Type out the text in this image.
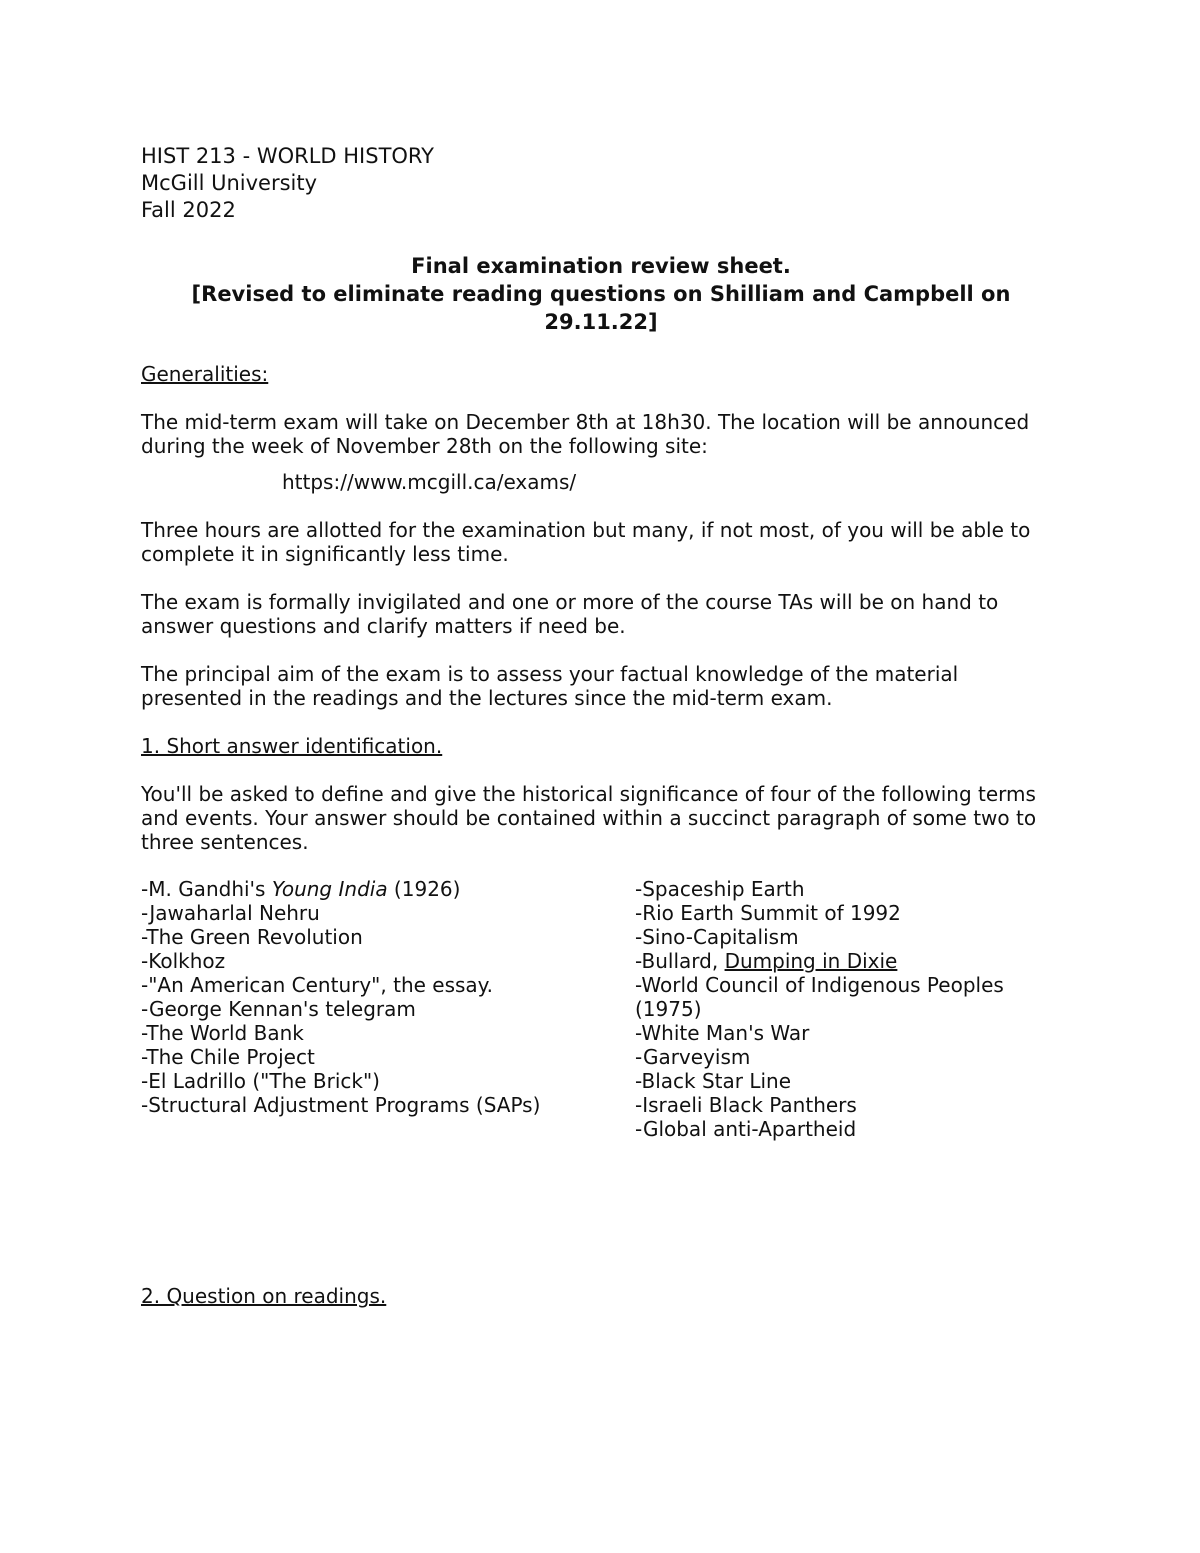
HIST 213 - WORLD HISTORY
McGill University
Fall 2022
Final examination review sheet.
[Revised to eliminate reading questions on Shilliam and Campbell on
29.11.22]

Generalities:

The mid-term exam will take on December 8th at 18h30. The location will be announced during the week of November 28th on the following site:

https://www.mcgill.ca/exams/

Three hours are allotted for the examination but many, if not most, of you will be able to complete it in significantly less time.

The exam is formally invigilated and one or more of the course TAs will be on hand to answer questions and clarify matters if need be.

The principal aim of the exam is to assess your factual knowledge of the material presented in the readings and the lectures since the mid-term exam.

1. Short answer identification.

You'll be asked to define and give the historical significance of four of the following terms and events. Your answer should be contained within a succinct paragraph of some two to three sentences.

-M. Gandhi's Young India (1926)
-Jawaharlal Nehru
-The Green Revolution
-Kolkhoz
-"An American Century", the essay.
-George Kennan's telegram
-The World Bank
-The Chile Project
-El Ladrillo ("The Brick")
-Structural Adjustment Programs (SAPs)
-Spaceship Earth
-Rio Earth Summit of 1992
-Sino-Capitalism
-Bullard, Dumping in Dixie
-World Council of Indigenous Peoples (1975)
-White Man's War
-Garveyism
-Black Star Line
-Israeli Black Panthers
-Global anti-Apartheid

2. Question on readings.
